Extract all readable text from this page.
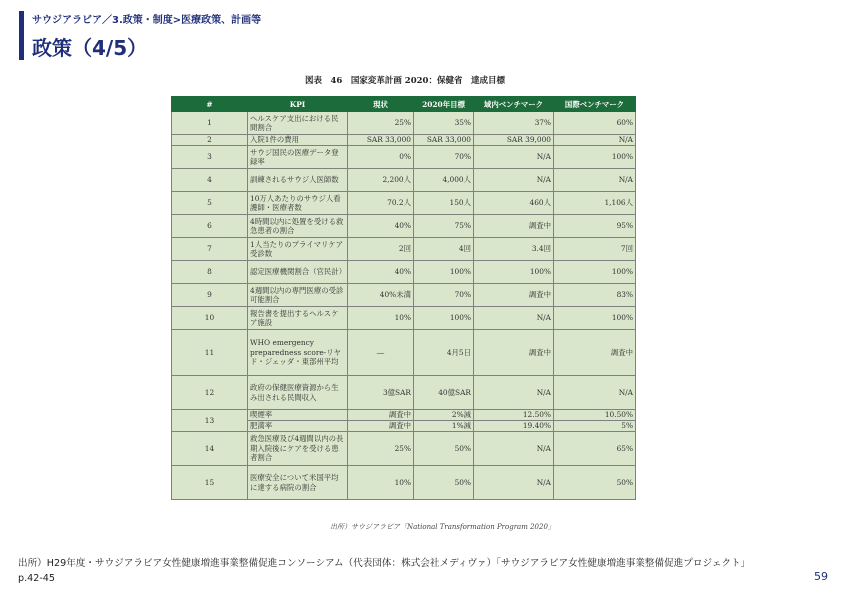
サウジアラビア／3.政策・制度>医療政策、計画等
政策（4/5）
図表　46　国家変革計画 2020：保健省　達成目標
#	KPI	現状	2020年目標	域内ベンチマーク	国際ベンチマーク
1	ヘルスケア支出における民間割合	25%	35%	37%	60%
2	入院1件の費用	SAR 33,000	SAR 33,000	SAR 39,000	N/A
3	サウジ国民の医療データ登録率	0%	70%	N/A	100%
4	訓練されるサウジ人医師数	2,200人	4,000人	N/A	N/A
5	10万人あたりのサウジ人看護師・医療者数	70.2人	150人	460人	1,106人
6	4時間以内に処置を受ける救急患者の割合	40%	75%	調査中	95%
7	1人当たりのプライマリケア受診数	2回	4回	3.4回	7回
8	認定医療機関割合（官民計）	40%	100%	100%	100%
9	4週間以内の専門医療の受診可能割合	40%未満	70%	調査中	83%
10	報告書を提出するヘルスケア施設	10%	100%	N/A	100%
11	WHO emergency preparedness score-リヤド・ジェッダ・東部州平均	―	4月5日	調査中	調査中
12	政府の保健医療資源から生み出される民間収入	3億SAR	40億SAR	N/A	N/A
13	喫煙率	調査中	2%減	12.50%	10.50%
	肥満率	調査中	1%減	19.40%	5%
14	救急医療及び4週間以内の長期入院後にケアを受ける患者割合	25%	50%	N/A	65%
15	医療安全について米国平均に達する病院の割合	10%	50%	N/A	50%
出所）サウジアラビア「National Transformation Program 2020」
出所）H29年度・サウジアラビア女性健康増進事業整備促進コンソーシアム（代表団体：株式会社メディヴァ）「サウジアラビア女性健康増進事業整備促進プロジェクト」 p.42-45	59
